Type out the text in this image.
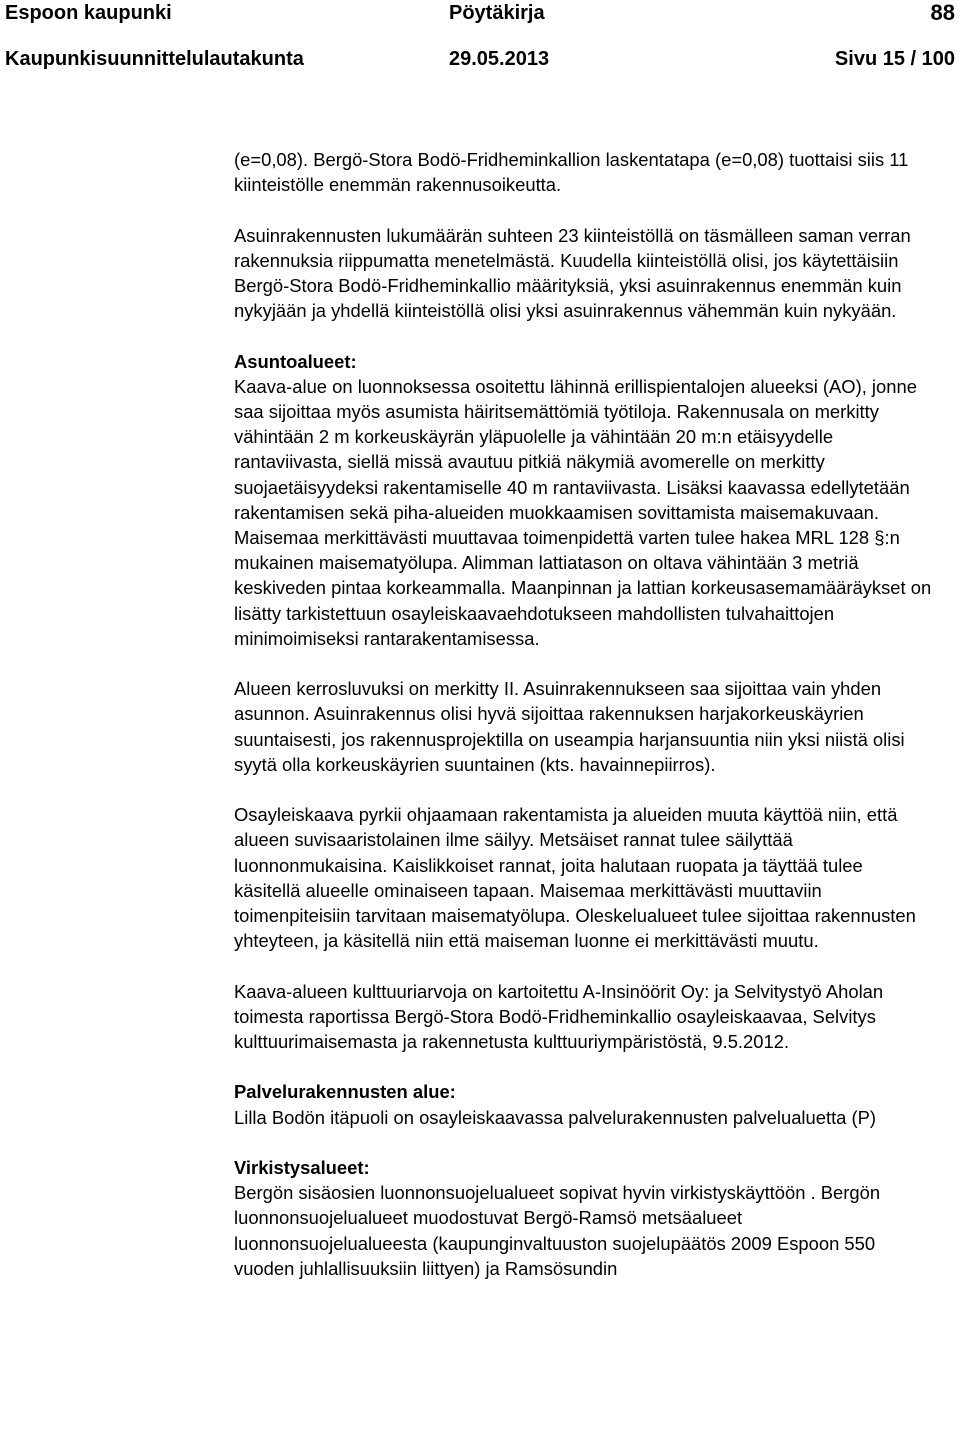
Espoon kaupunki	Pöytäkirja	88
Kaupunkisuunnittelulautakunta	29.05.2013	Sivu 15 / 100

(e=0,08). Bergö-Stora Bodö-Fridheminkallion laskentatapa (e=0,08) tuottaisi siis 11 kiinteistölle enemmän rakennusoikeutta.

Asuinrakennusten lukumäärän suhteen 23 kiinteistöllä on täsmälleen saman verran rakennuksia riippumatta menetelmästä. Kuudella kiinteistöllä olisi, jos käytettäisiin Bergö-Stora Bodö-Fridheminkallio määrityksiä, yksi asuinrakennus enemmän kuin nykyjään ja yhdellä kiinteistöllä olisi yksi asuinrakennus vähemmän kuin nykyään.

Asuntoalueet:

Kaava-alue on luonnoksessa osoitettu lähinnä erillispientalojen alueeksi (AO), jonne saa sijoittaa myös asumista häiritsemättömiä työtiloja. Rakennusala on merkitty vähintään 2 m korkeuskäyrän yläpuolelle ja vähintään 20 m:n etäisyydelle rantaviivasta, siellä missä avautuu pitkiä näkymiä avomerelle on merkitty suojaetäisyydeksi rakentamiselle 40 m rantaviivasta. Lisäksi kaavassa edellytetään rakentamisen sekä piha-alueiden muokkaamisen sovittamista maisemakuvaan. Maisemaa merkittävästi muuttavaa toimenpidettä varten tulee hakea MRL 128 §:n mukainen maisematyölupa. Alimman lattiatason on oltava vähintään 3 metriä keskiveden pintaa korkeammalla. Maanpinnan ja lattian korkeusasemamääräykset on lisätty tarkistettuun osayleiskaavaehdotukseen mahdollisten tulvahaittojen minimoimiseksi rantarakentamisessa.

Alueen kerrosluvuksi on merkitty II. Asuinrakennukseen saa sijoittaa vain yhden asunnon. Asuinrakennus olisi hyvä sijoittaa rakennuksen harjakorkeuskäyrien suuntaisesti, jos rakennusprojektilla on useampia harjansuuntia niin yksi niistä olisi syytä olla korkeuskäyrien suuntainen (kts. havainnepiirros).

Osayleiskaava pyrkii ohjaamaan rakentamista ja alueiden muuta käyttöä niin, että alueen suvisaaristolainen ilme säilyy. Metsäiset rannat tulee säilyttää luonnonmukaisina. Kaislikkoiset rannat, joita halutaan ruopata ja täyttää tulee käsitellä alueelle ominaiseen tapaan. Maisemaa merkittävästi muuttaviin toimenpiteisiin tarvitaan maisematyölupa. Oleskelualueet tulee sijoittaa rakennusten yhteyteen, ja käsitellä niin että maiseman luonne ei merkittävästi muutu.

Kaava-alueen kulttuuriarvoja on kartoitettu A-Insinöörit Oy: ja Selvitystyö Aholan toimesta raportissa Bergö-Stora Bodö-Fridheminkallio osayleiskaavaa, Selvitys kulttuurimaisemasta ja rakennetusta kulttuuriympäristöstä, 9.5.2012.

Palvelurakennusten alue:

Lilla Bodön itäpuoli on osayleiskaavassa palvelurakennusten palvelualuetta (P)

Virkistysalueet:

Bergön sisäosien luonnonsuojelualueet sopivat hyvin virkistyskäyttöön . Bergön luonnonsuojelualueet muodostuvat Bergö-Ramsö metsäalueet luonnonsuojelualueesta (kaupunginvaltuuston suojelupäätös 2009 Espoon 550 vuoden juhlallisuuksiin liittyen) ja Ramsösundin
